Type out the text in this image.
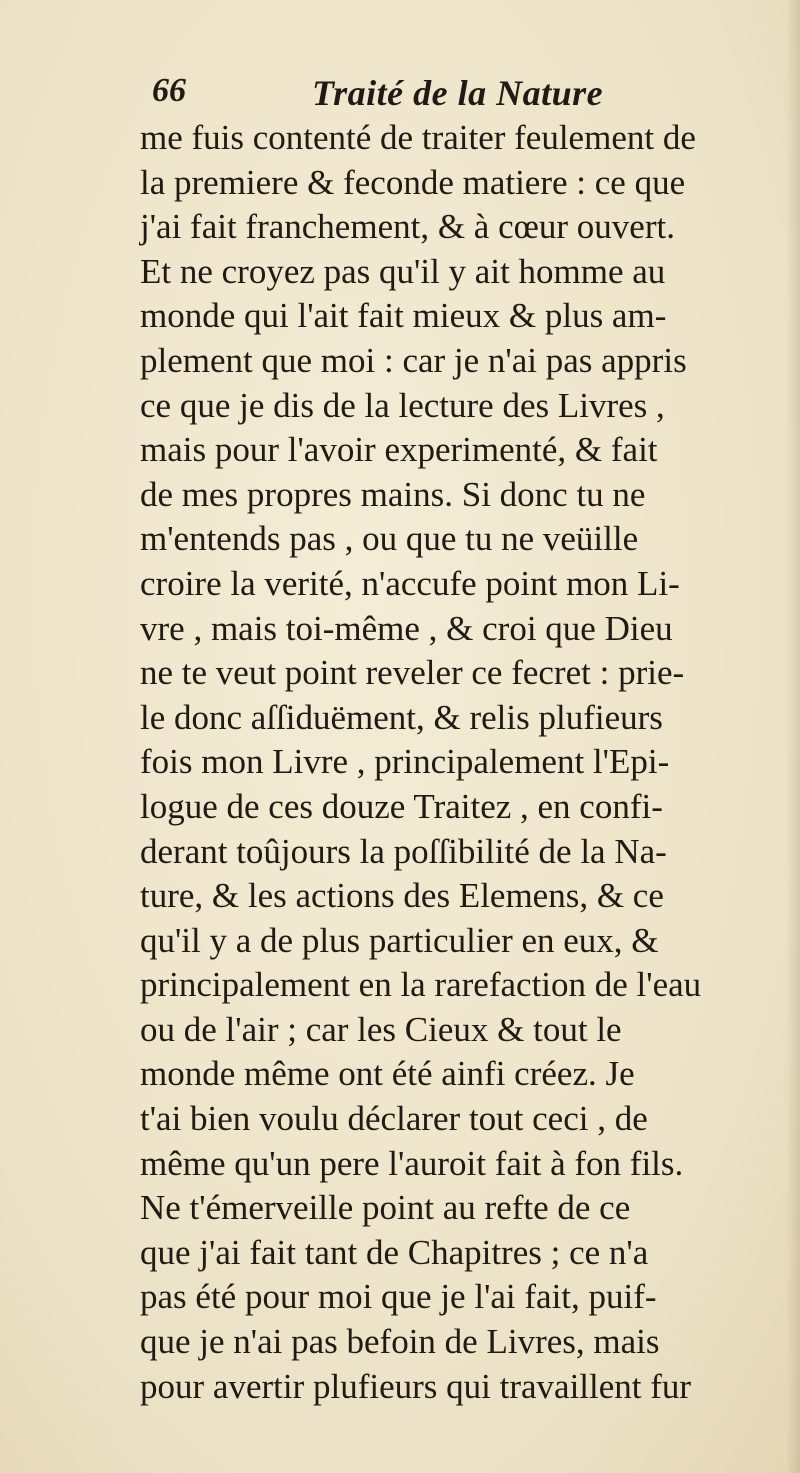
66	Traité de la Nature
me fuis contenté de traiter feulement de
la premiere & feconde matiere : ce que
j'ai fait franchement, & à cœur ouvert.
Et ne croyez pas qu'il y ait homme au
monde qui l'ait fait mieux & plus am-
plement que moi : car je n'ai pas appris
ce que je dis de la lecture des Livres ,
mais pour l'avoir experimenté, & fait
de mes propres mains. Si donc tu ne
m'entends pas , ou que tu ne veüille
croire la verité, n'accufe point mon Li-
vre , mais toi-même , & croi que Dieu
ne te veut point reveler ce fecret : prie-
le donc aſſiduëment, & relis plufieurs
fois mon Livre , principalement l'Epi-
logue de ces douze Traitez , en confi-
derant toûjours la poſſibilité de la Na-
ture, & les actions des Elemens, & ce
qu'il y a de plus particulier en eux, &
principalement en la rarefaction de l'eau
ou de l'air ; car les Cieux & tout le
monde même ont été ainfi créez. Je
t'ai bien voulu déclarer tout ceci , de
même qu'un pere l'auroit fait à fon fils.
Ne t'émerveille point au refte de ce
que j'ai fait tant de Chapitres ; ce n'a
pas été pour moi que je l'ai fait, puif-
que je n'ai pas befoin de Livres, mais
pour avertir plufieurs qui travaillent fur
